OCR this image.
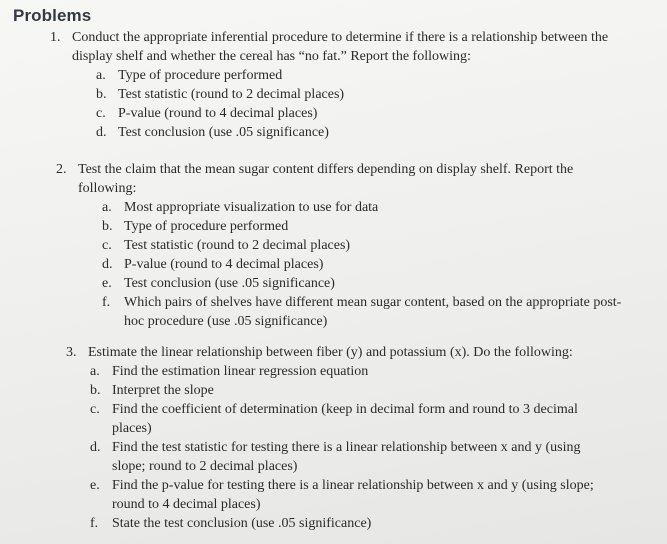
Problems
1. Conduct the appropriate inferential procedure to determine if there is a relationship between the
display shelf and whether the cereal has “no fat.” Report the following:
a. Type of procedure performed
b. Test statistic (round to 2 decimal places)
c. P-value (round to 4 decimal places)
d. Test conclusion (use .05 significance)
2. Test the claim that the mean sugar content differs depending on display shelf. Report the
following:
a. Most appropriate visualization to use for data
b. Type of procedure performed
c. Test statistic (round to 2 decimal places)
d. P-value (round to 4 decimal places)
e. Test conclusion (use .05 significance)
f. Which pairs of shelves have different mean sugar content, based on the appropriate post-
hoc procedure (use .05 significance)
3. Estimate the linear relationship between fiber (y) and potassium (x). Do the following:
a. Find the estimation linear regression equation
b. Interpret the slope
c. Find the coefficient of determination (keep in decimal form and round to 3 decimal
places)
d. Find the test statistic for testing there is a linear relationship between x and y (using
slope; round to 2 decimal places)
e. Find the p-value for testing there is a linear relationship between x and y (using slope;
round to 4 decimal places)
f. State the test conclusion (use .05 significance)
